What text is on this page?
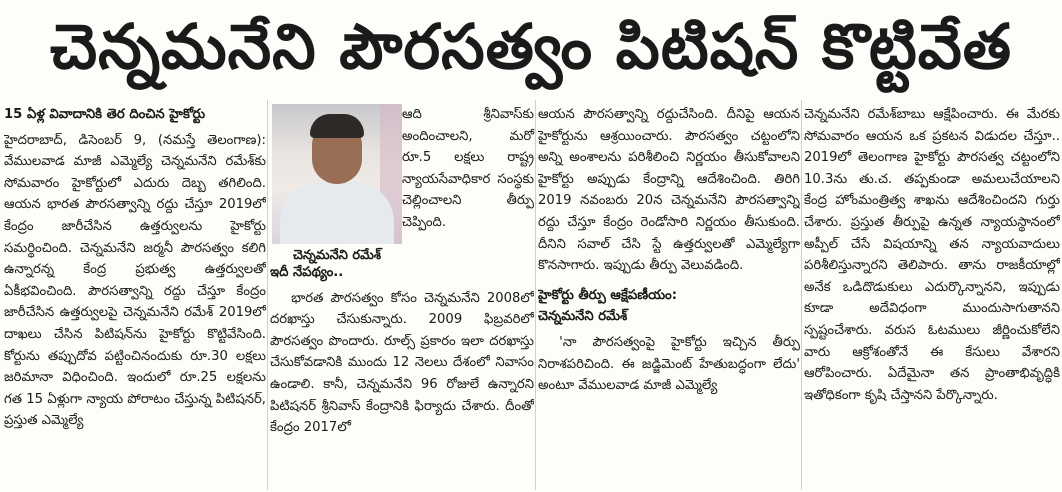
చెన్నమనేని పౌరసత్వం పిటిషన్ కొట్టివేత
15 ఏళ్ల వివాదానికి తెర దించిన హైకోర్టు

హైదరాబాద్, డిసెంబర్ 9, (నమస్తే తెలంగాణ): వేములవాడ మాజీ ఎమ్మెల్యే చెన్నమనేని రమేశ్‌కు సోమవారం హైకోర్టులో ఎదురు దెబ్బ తగిలింది. ఆయన భారత పౌరసత్వాన్ని రద్దు చేస్తూ 2019లో కేంద్రం జారీచేసిన ఉత్తర్వులను హైకోర్టు సమర్థించింది. చెన్నమనేని జర్మనీ పౌరసత్వం కలిగి ఉన్నారన్న కేంద్ర ప్రభుత్వ ఉత్తర్వులతో ఏకీభవించింది. పౌరసత్వాన్ని రద్దు చేస్తూ కేంద్రం జారీచేసిన ఉత్తర్వులపై చెన్నమనేని రమేశ్ 2019లో దాఖలు చేసిన పిటిషన్‌ను హైకోర్టు కొట్టివేసింది. కోర్టును తప్పుదోవ పట్టించినందుకు రూ.30 లక్షలు జరిమానా విధించింది. ఇందులో రూ.25 లక్షలను గత 15 ఏళ్లుగా న్యాయ పోరాటం చేస్తున్న పిటిషనర్, ప్రస్తుత ఎమ్మెల్యే

చెన్నమనేని రమేశ్

ఆది శ్రీనివాస్‌కు అందించాలని, మరో రూ.5 లక్షలు రాష్ట్ర న్యాయసేవాధికార సంస్థకు చెల్లించాలని తీర్పు చెప్పింది.

ఇదీ నేపథ్యం..

భారత పౌరసత్వం కోసం చెన్నమనేని 2008లో దరఖాస్తు చేసుకున్నారు. 2009 ఫిబ్రవరిలో పౌరసత్వం పొందారు. రూల్స్ ప్రకారం ఇలా దరఖాస్తు చేసుకోవడానికి ముందు 12 నెలలు దేశంలో నివాసం ఉండాలి. కానీ, చెన్నమనేని 96 రోజులే ఉన్నారని పిటిషనర్ శ్రీనివాస్ కేంద్రానికి ఫిర్యాదు చేశారు. దీంతో కేంద్రం 2017లో

ఆయన పౌరసత్వాన్ని రద్దుచేసింది. దీనిపై ఆయన హైకోర్టును ఆశ్రయించారు. పౌరసత్వం చట్టంలోని అన్ని అంశాలను పరిశీలించి నిర్ణయం తీసుకోవాలని హైకోర్టు అప్పుడు కేంద్రాన్ని ఆదేశించింది. తిరిగి 2019 నవంబరు 20న చెన్నమనేని పౌరసత్వాన్ని రద్దు చేస్తూ కేంద్రం రెండోసారి నిర్ణయం తీసుకుంది. దీనిని సవాల్ చేసి స్టే ఉత్తర్వులతో ఎమ్మెల్యేగా కొనసాగారు. ఇప్పుడు తీర్పు వెలువడింది.

హైకోర్టు తీర్పు ఆక్షేపణీయం:
చెన్నమనేని రమేశ్

'నా పౌరసత్వంపై హైకోర్టు ఇచ్చిన తీర్పు నిరాశపరిచింది. ఈ జడ్జిమెంట్ హేతుబద్ధంగా లేదు' అంటూ వేములవాడ మాజీ ఎమ్మెల్యే

చెన్నమనేని రమేశ్‌బాబు ఆక్షేపించారు. ఈ మేరకు సోమవారం ఆయన ఒక ప్రకటన విడుదల చేస్తూ.. 2019లో తెలంగాణ హైకోర్టు పౌరసత్వ చట్టంలోని 10.3ను తు.చ. తప్పకుండా అమలుచేయాలని కేంద్ర హోంమంత్రిత్వ శాఖను ఆదేశించిందని గుర్తు చేశారు. ప్రస్తుత తీర్పుపై ఉన్నత న్యాయస్థానంలో అప్పీల్ చేసే విషయాన్ని తన న్యాయవాదులు పరిశీలిస్తున్నారని తెలిపారు. తాను రాజకీయాల్లో అనేక ఒడిదొడుకులు ఎదుర్కొన్నానని, ఇప్పుడు కూడా అదేవిధంగా ముందుసాగుతానని స్పష్టంచేశారు. వరుస ఓటములు జీర్ణించుకోలేని వారు ఆక్రోశంతోనే ఈ కేసులు వేశారని ఆరోపించారు. ఏదేమైనా తన ప్రాంతాభివృద్ధికి ఇతోధికంగా కృషి చేస్తానని పేర్కొన్నారు.
